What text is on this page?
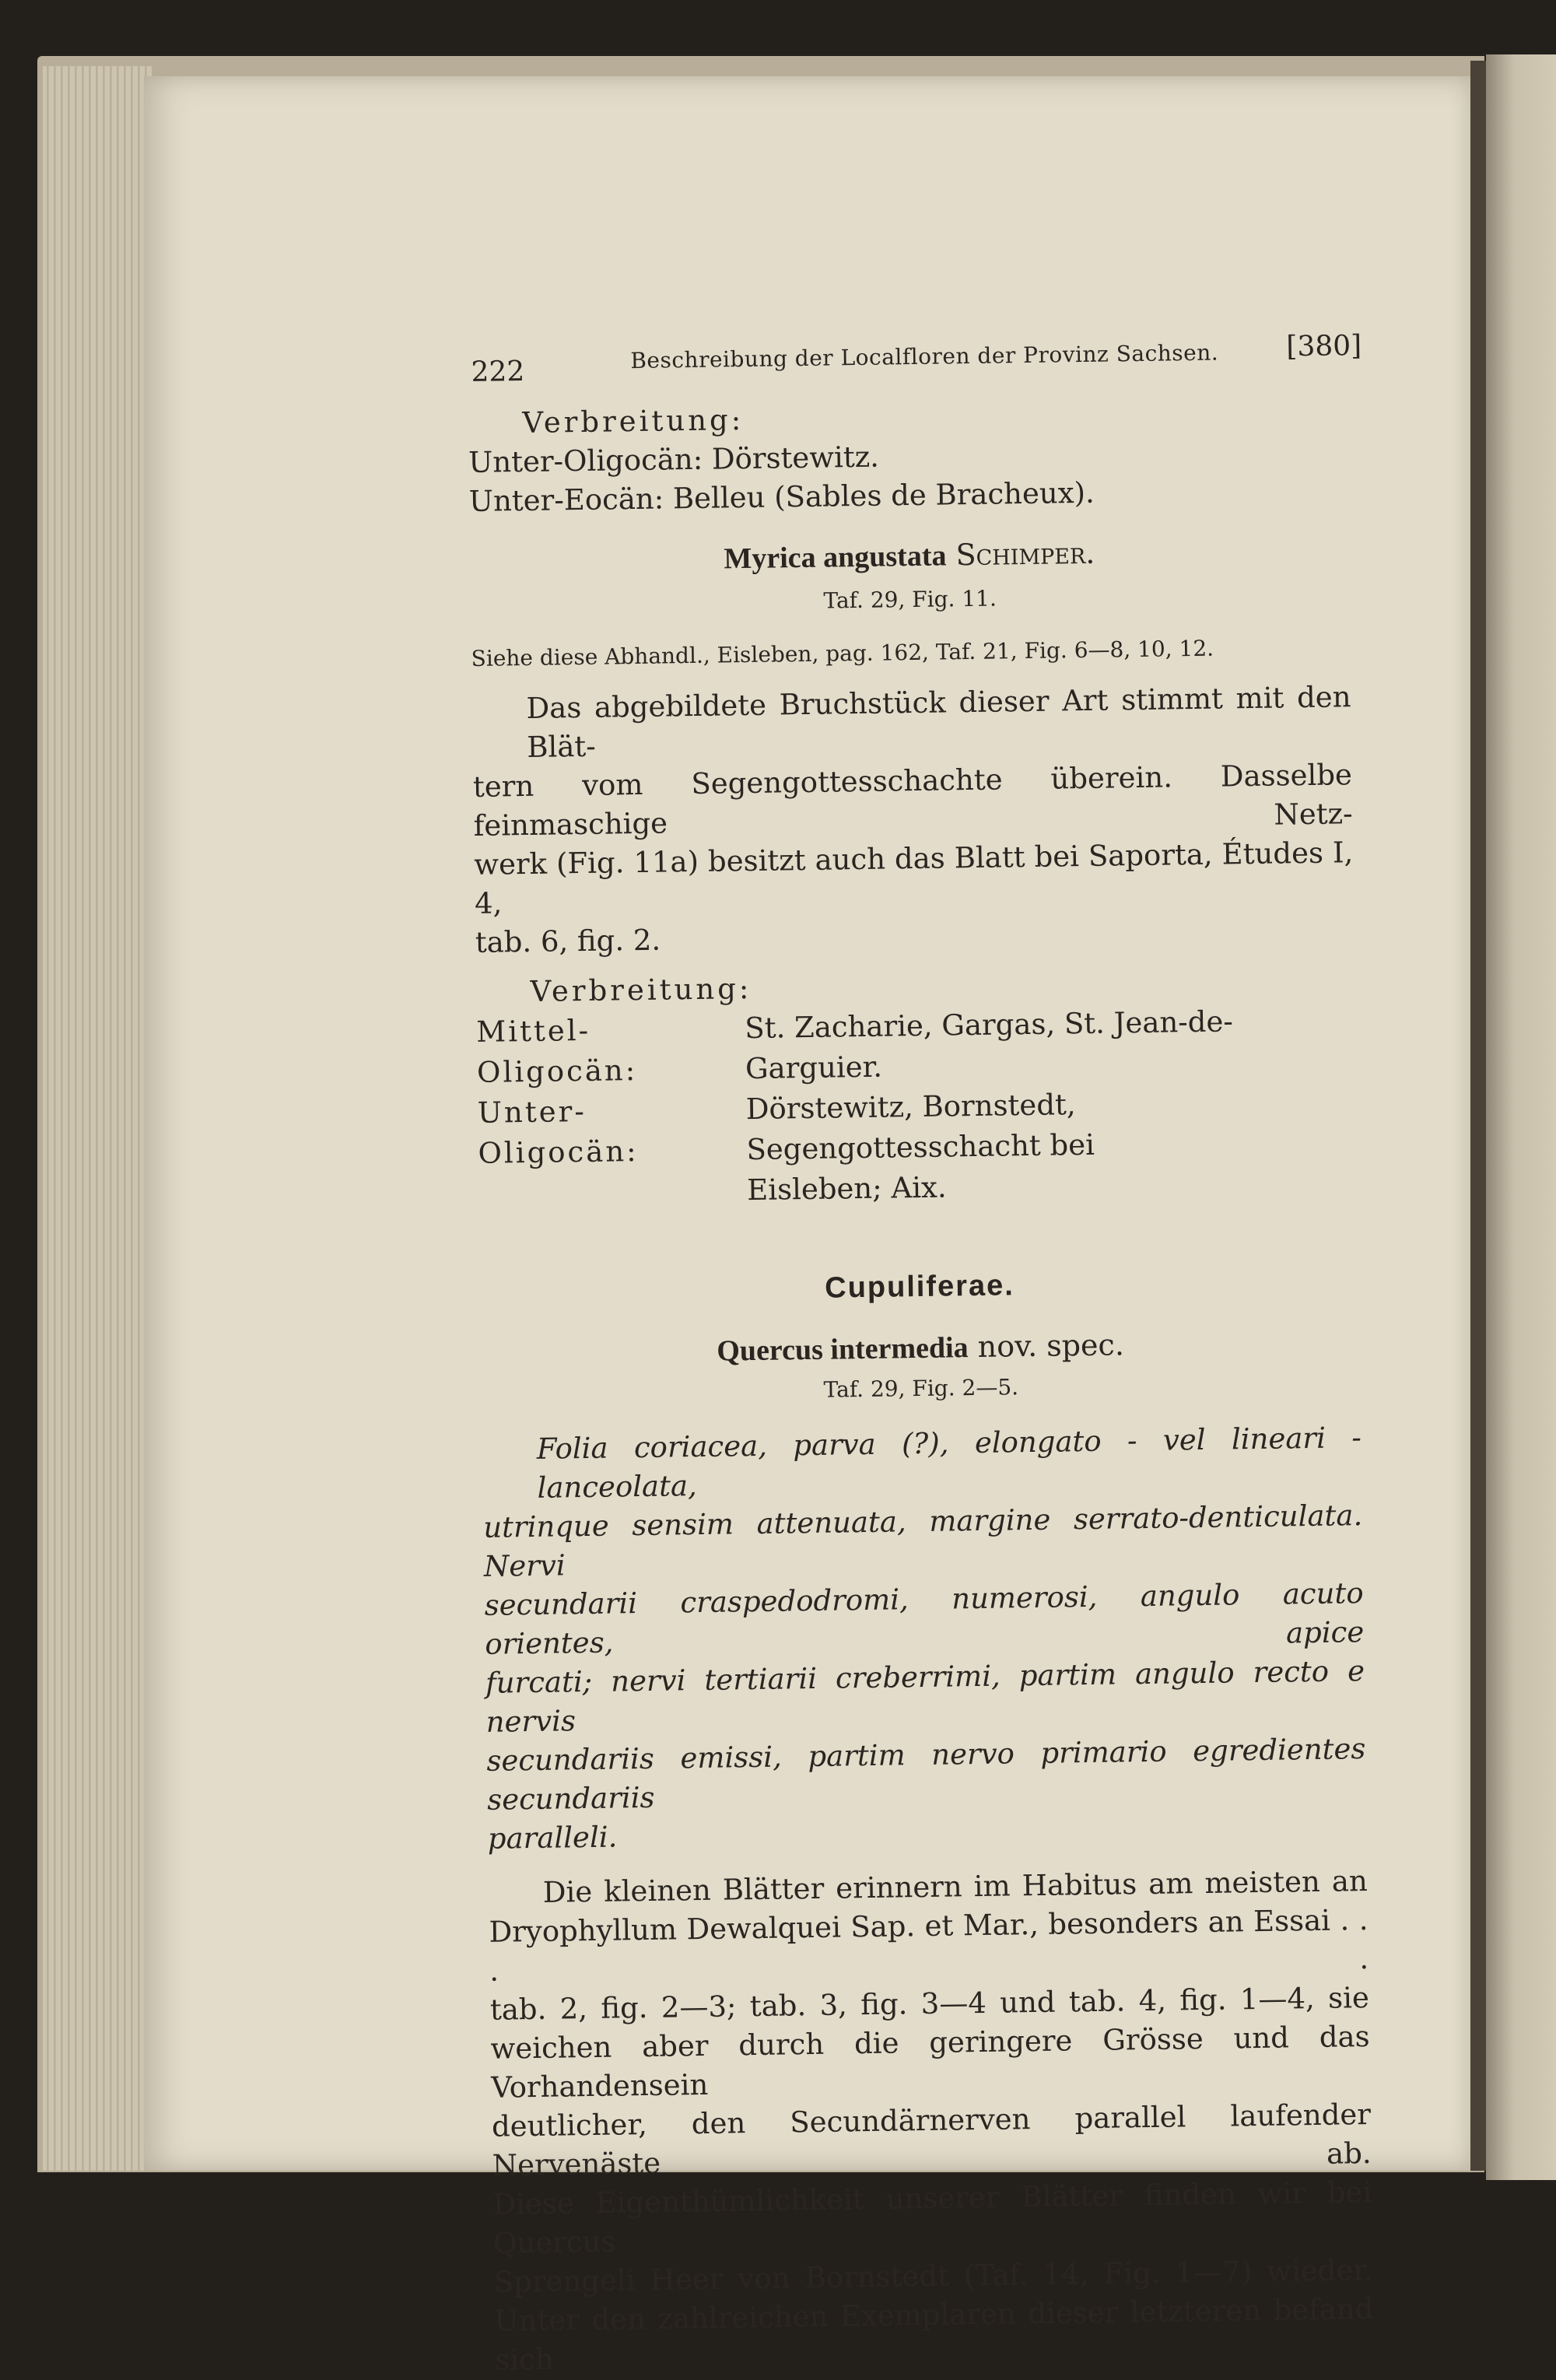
222	Beschreibung der Localfloren der Provinz Sachsen. [380]
Verbreitung:
Unter-Oligocän: Dörstewitz.
Unter-Eocän: Belleu (Sables de Bracheux).
Myrica angustata Schimper.
Taf. 29, Fig. 11.
Siehe diese Abhandl., Eisleben, pag. 162, Taf. 21, Fig. 6—8, 10, 12.
Das abgebildete Bruchstück dieser Art stimmt mit den Blät-
tern vom Segengottesschachte überein. Dasselbe feinmaschige Netz-
werk (Fig. 11a) besitzt auch das Blatt bei Saporta, Études I, 4,
tab. 6, fig. 2.
Verbreitung:
Mittel-Oligocän:
St. Zacharie, Gargas, St. Jean-de-Garguier.
Unter-Oligocän:
Dörstewitz, Bornstedt, Segengottesschacht bei
Eisleben; Aix.
Cupuliferae.
Quercus intermedia nov. spec.
Taf. 29, Fig. 2—5.
Folia coriacea, parva (?), elongato - vel lineari - lanceolata,
utrinque sensim attenuata, margine serrato-denticulata. Nervi
secundarii craspedodromi, numerosi, angulo acuto orientes, apice
furcati; nervi tertiarii creberrimi, partim angulo recto e nervis
secundariis emissi, partim nervo primario egredientes secundariis
paralleli.
Die kleinen Blätter erinnern im Habitus am meisten an
Dryophyllum Dewalquei Sap. et Mar., besonders an Essai . . . .
tab. 2, fig. 2—3; tab. 3, fig. 3—4 und tab. 4, fig. 1—4, sie
weichen aber durch die geringere Grösse und das Vorhandensein
deutlicher, den Secundärnerven parallel laufender Nervenäste ab.
Diese Eigenthümlichkeit unserer Blätter finden wir bei Quercus
Sprengeli Heer von Bornstedt (Taf. 14, Fig. 1—7) wieder.
Unter den zahlreichen Exemplaren dieser letzteren befand sich
